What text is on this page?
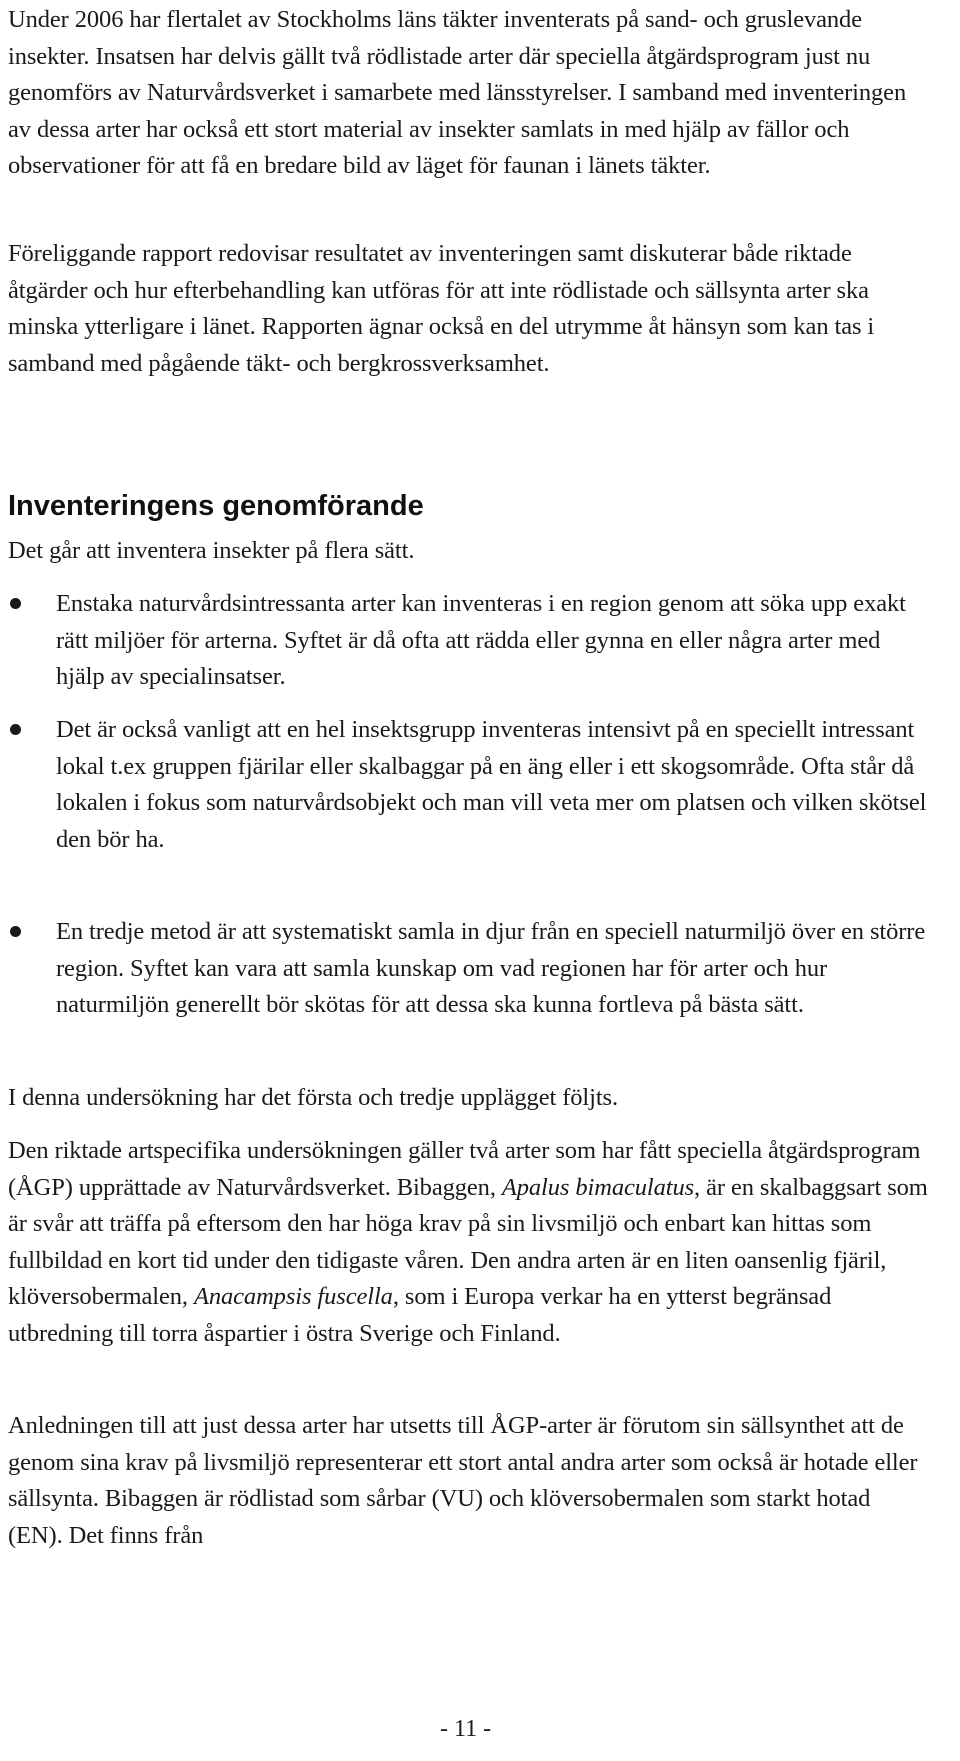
Under 2006 har flertalet av Stockholms läns täkter inventerats på sand- och gruslevande insekter. Insatsen har delvis gällt två rödlistade arter där speciella åtgärdsprogram just nu genomförs av Naturvårdsverket i samarbete med länsstyrelser. I samband med inventeringen av dessa arter har också ett stort material av insekter samlats in med hjälp av fällor och observationer för att få en bredare bild av läget för faunan i länets täkter.

Föreliggande rapport redovisar resultatet av inventeringen samt diskuterar både riktade åtgärder och hur efterbehandling kan utföras för att inte rödlistade och sällsynta arter ska minska ytterligare i länet. Rapporten ägnar också en del utrymme åt hänsyn som kan tas i samband med pågående täkt- och bergkrossverksamhet.

Inventeringens genomförande

Det går att inventera insekter på flera sätt.

Enstaka naturvårdsintressanta arter kan inventeras i en region genom att söka upp exakt rätt miljöer för arterna. Syftet är då ofta att rädda eller gynna en eller några arter med hjälp av specialinsatser.

Det är också vanligt att en hel insektsgrupp inventeras intensivt på en speciellt intressant lokal t.ex gruppen fjärilar eller skalbaggar på en äng eller i ett skogsområde. Ofta står då lokalen i fokus som naturvårdsobjekt och man vill veta mer om platsen och vilken skötsel den bör ha.

En tredje metod är att systematiskt samla in djur från en speciell naturmiljö över en större region. Syftet kan vara att samla kunskap om vad regionen har för arter och hur naturmiljön generellt bör skötas för att dessa ska kunna fortleva på bästa sätt.

I denna undersökning har det första och tredje upplägget följts.

Den riktade artspecifika undersökningen gäller två arter som har fått speciella åtgärdsprogram (ÅGP) upprättade av Naturvårdsverket. Bibaggen, Apalus bimaculatus, är en skalbaggsart som är svår att träffa på eftersom den har höga krav på sin livsmiljö och enbart kan hittas som fullbildad en kort tid under den tidigaste våren. Den andra arten är en liten oansenlig fjäril, klöversobermalen, Anacampsis fuscella, som i Europa verkar ha en ytterst begränsad utbredning till torra åspartier i östra Sverige och Finland.

Anledningen till att just dessa arter har utsetts till ÅGP-arter är förutom sin sällsynthet att de genom sina krav på livsmiljö representerar ett stort antal andra arter som också är hotade eller sällsynta. Bibaggen är rödlistad som sårbar (VU) och klöversobermalen som starkt hotad (EN). Det finns från

- 11 -
